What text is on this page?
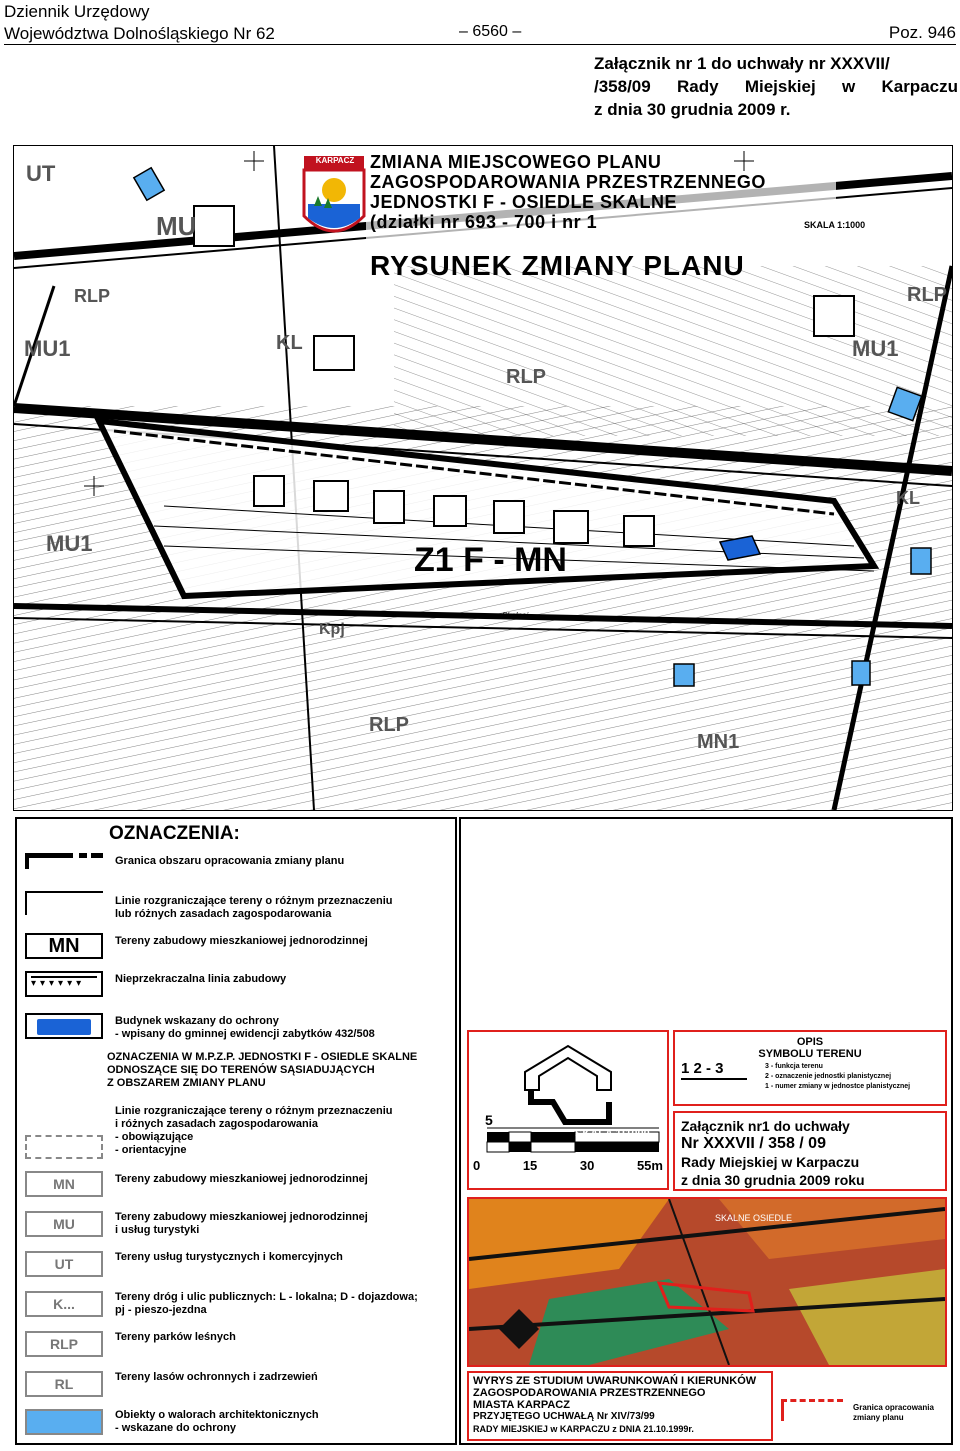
Dziennik Urzędowy
Województwa Dolnośląskiego Nr 62	– 6560 –	Poz. 946
Załącznik nr 1 do uchwały nr XXXVII/
/358/09 Rady Miejskiej w Karpaczu
z dnia 30 grudnia 2009 r.
KARPACZ ZMIANA MIEJSCOWEGO PLANU
ZAGOSPODAROWANIA PRZESTRZENNEGO
JEDNOSTKI F - OSIEDLE SKALNE
(działki nr 693 - 700 i nr 1	SKALA 1:1000
RYSUNEK ZMIANY PLANU
Z1 F - MN
UT
MU
RLP
MU1	KL
RLP
MU1
RLP
KL
MU1
Kpj
RLP
MN1
Skalnej
OZNACZENIA:
Granica obszaru opracowania zmiany planu
Linie rozgraniczające tereny o różnym przeznaczeniu
lub różnych zasadach zagospodarowania
MN	Tereny zabudowy mieszkaniowej jednorodzinnej
▾▾▾▾▾▾	Nieprzekraczalna linia zabudowy
Budynek wskazany do ochrony
- wpisany do gminnej ewidencji zabytków 432/508
OZNACZENIA W M.P.Z.P. JEDNOSTKI F - OSIEDLE SKALNE
ODNOSZĄCE SIĘ DO TERENÓW SĄSIADUJĄCYCH
Z OBSZAREM ZMIANY PLANU
Linie rozgraniczające tereny o różnym przeznaczeniu
i różnych zasadach zagospodarowania
- obowiązujące
- orientacyjne
MN	Tereny zabudowy mieszkaniowej jednorodzinnej
MU	Tereny zabudowy mieszkaniowej jednorodzinnej
i usług turystyki
UT	Tereny usług turystycznych i komercyjnych
K...	Tereny dróg i ulic publicznych: L - lokalna; D - dojazdowa;
pj - pieszo-jezdna
RLP	Tereny parków leśnych
RL	Tereny lasów ochronnych i zadrzewień
Obiekty o walorach architektonicznych
- wskazane do ochrony
5
SKALA 1:1000
0	15	30	55m
OPIS
SYMBOLU TERENU
1 2 - 3	3 - funkcja terenu
2 - oznaczenie jednostki planistycznej
1 - numer zmiany w jednostce planistycznej
Załącznik nr1 do uchwały
Nr XXXVII / 358 / 09
Rady Miejskiej w Karpaczu
z dnia 30 grudnia 2009 roku
SKALNE OSIEDLE
WYRYS ZE STUDIUM UWARUNKOWAŃ I KIERUNKÓW
ZAGOSPODAROWANIA PRZESTRZENNEGO
MIASTA KARPACZ
PRZYJĘTEGO UCHWAŁĄ Nr XIV/73/99
RADY MIEJSKIEJ w KARPACZU z DNIA 21.10.1999r.
Granica opracowania
zmiany planu
